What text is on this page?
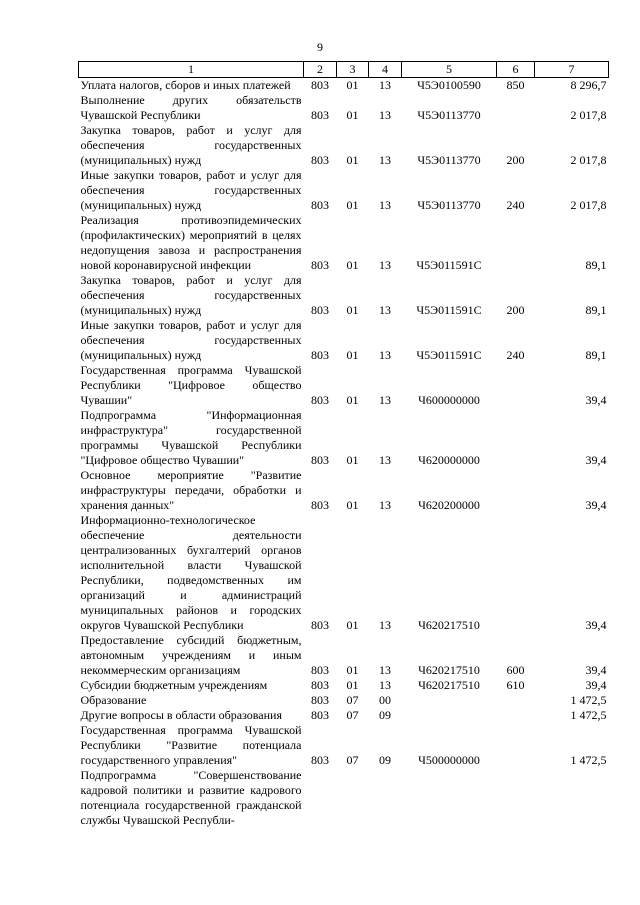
9
1	2	3	4	5	6	7
Уплата налогов, сборов и иных платежей	803	01	13	Ч5Э0100590	850	8 296,7
Выполнение других обязательств Чувашской Республики	803	01	13	Ч5Э0113770		2 017,8
Закупка товаров, работ и услуг для обеспечения государственных (муниципальных) нужд	803	01	13	Ч5Э0113770	200	2 017,8
Иные закупки товаров, работ и услуг для обеспечения государственных (муниципальных) нужд	803	01	13	Ч5Э0113770	240	2 017,8
Реализация противоэпидемических (профилактических) мероприятий в целях недопущения завоза и распространения новой коронавирусной инфекции	803	01	13	Ч5Э011591С		89,1
Закупка товаров, работ и услуг для обеспечения государственных (муниципальных) нужд	803	01	13	Ч5Э011591С	200	89,1
Иные закупки товаров, работ и услуг для обеспечения государственных (муниципальных) нужд	803	01	13	Ч5Э011591С	240	89,1
Государственная программа Чувашской Республики "Цифровое общество Чувашии"	803	01	13	Ч600000000		39,4
Подпрограмма "Информационная инфраструктура" государственной программы Чувашской Республики "Цифровое общество Чувашии"	803	01	13	Ч620000000		39,4
Основное мероприятие "Развитие инфраструктуры передачи, обработки и хранения данных"	803	01	13	Ч620200000		39,4
Информационно-технологическое обеспечение деятельности централизованных бухгалтерий органов исполнительной власти Чувашской Республики, подведомственных им организаций и администраций муниципальных районов и городских округов Чувашской Республики	803	01	13	Ч620217510		39,4
Предоставление субсидий бюджетным, автономным учреждениям и иным некоммерческим организациям	803	01	13	Ч620217510	600	39,4
Субсидии бюджетным учреждениям	803	01	13	Ч620217510	610	39,4
Образование	803	07	00			1 472,5
Другие вопросы в области образования	803	07	09			1 472,5
Государственная программа Чувашской Республики "Развитие потенциала государственного управления"	803	07	09	Ч500000000		1 472,5
Подпрограмма "Совершенствование кадровой политики и развитие кадрового потенциала государственной гражданской службы Чувашской Республи-						
